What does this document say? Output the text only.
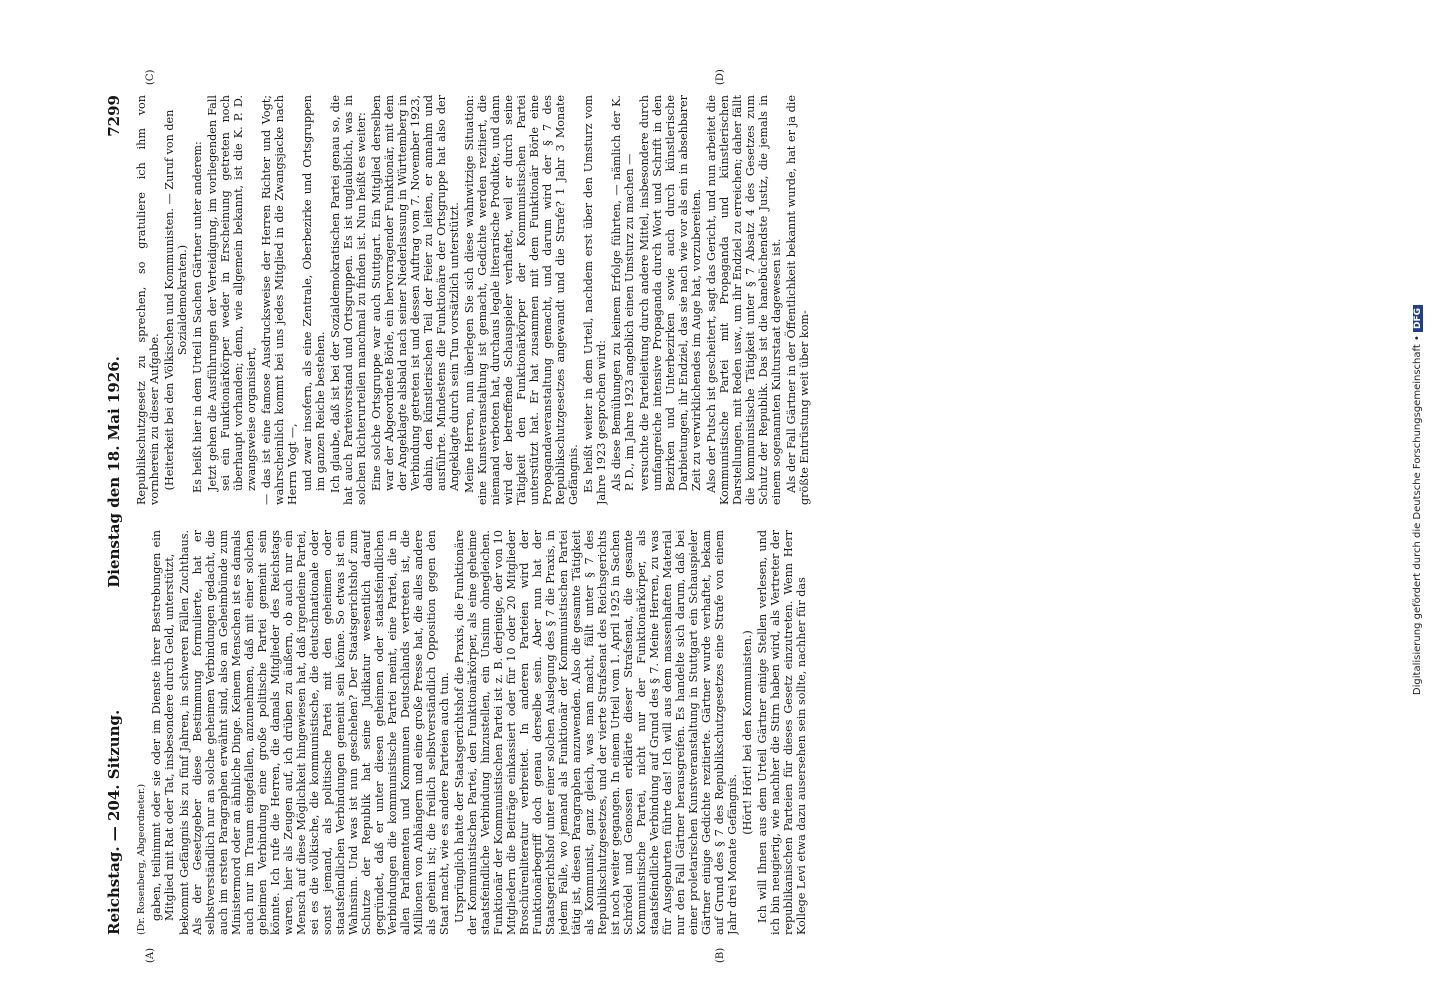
Reichstag. — 204. Sitzung.
Dienstag den 18. Mai 1926.                                          7299

(Dr. Rosenberg, Abgeordneter.) gaben, teilnimmt oder sie oder im Dienste ihrer Bestrebungen ein Mitglied mit Rat oder Tat, insbesondere durch Geld, unterstützt, bekommt Gefängnis bis zu fünf Jahren, in schweren Fällen Zuchthaus. Als der Gesetzgeber diese Bestimmung formulierte, hat er selbstverständlich nur an solche geheimen Verbindungen gedacht, die auch im ersten Paragraphen erwähnt sind, also an Geheimbünde zum Ministermord oder an ähnliche Dinge. Keinem Menschen ist es damals auch nur im Traum eingefallen, anzunehmen, daß mit einer solchen geheimen Verbindung eine große politische Partei gemeint sein könnte. Ich rufe die Herren, die damals Mitglieder des Reichstags waren, hier als Zeugen auf, ich drüben zu äußern, ob auch nur ein Mensch auf diese Möglichkeit hingewiesen hat, daß irgendeine Partei, sei es die völkische, die kommunistische, die deutschnationale oder sonst jemand, als politische Partei mit den geheimen oder staatsfeindlichen Verbindungen gemeint sein könne. So etwas ist ein Wahnsinn. Und was ist nun geschehen? Der Staatsgerichtshof zum Schutze der Republik hat seine Judikatur wesentlich darauf gegründet, daß er unter diesen geheimen oder staatsfeindlichen Verbindungen die kommunistische Partei meint, eine Partei, die in allen Parlamenten und Kommunen Deutschlands vertreten ist, die Millionen von Anhängern und eine große Presse hat, die alles andere als geheim ist; die freilich selbstverständlich Opposition gegen den Staat macht, wie es andere Parteien auch tun. Ursprünglich hatte der Staatsgerichtshof die Praxis, die Funktionäre der Kommunistischen Partei, den Funktionärkörper, als eine geheime staatsfeindliche Verbindung hinzustellen, ein Unsinn ohnegleichen. Funktionär der Kommunistischen Partei ist z. B. derjenige, der von 10 Mitgliedern die Beiträge einkassiert oder für 10 oder 20 Mitglieder Broschürenliteratur verbreitet. In anderen Parteien wird der Funktionärbegriff doch genau derselbe sein. Aber nun hat der Staatsgerichtshof unter einer solchen Auslegung des § 7 die Praxis, in jedem Falle, wo jemand als Funktionär der Kommunistischen Partei tätig ist, diesen Paragraphen anzuwenden. Also die gesamte Tätigkeit als Kommunist, ganz gleich, was man macht, fällt unter § 7 des Republikschutzgesetzes, und der vierte Strafsenat des Reichsgerichts ist noch weiter gegangen. In einem Urteil vom 1. April 1925 in Sachen Schrödel und Genossen erklärte dieser Strafsenat, die gesamte Kommunistische Partei, nicht nur der Funktionärkörper, als staatsfeindliche Verbindung auf Grund des § 7. Meine Herren, zu was für Ausgeburten führte das! Ich will aus dem massenhaften Material nur den Fall Gärtner herausgreifen. Es handelte sich darum, daß bei einer proletarischen Kunstveranstaltung in Stuttgart ein Schauspieler Gärtner einige Gedichte rezitierte. Gärtner wurde verhaftet, bekam auf Grund des § 7 des Republikschutzgesetzes eine Strafe von einem Jahr drei Monate Gefängnis.

(Hört! Hört! bei den Kommunisten.) Ich will Ihnen aus dem Urteil Gärtner einige Stellen verlesen, und ich bin neugierig, wie nachher die Stirn haben wird, als Vertreter der republikanischen Parteien für dieses Gesetz einzutreten. Wenn Herr Kollege Levi etwa dazu ausersehen sein sollte, nachher für das

Republikschutzgesetz zu sprechen, so gratuliere ich ihm von vornherein zu dieser Aufgabe. (Heiterkeit bei den Völkischen und Kommunisten. — Zuruf von den Sozialdemokraten.) Es heißt hier in dem Urteil in Sachen Gärtner unter anderem: Jetzt gehen die Ausführungen der Verteidigung, im vorliegenden Fall sei ein Funktionärkörper weder in Erscheinung getreten noch überhaupt vorhanden; denn, wie allgemein bekannt, ist die K. P. D. zwangsweise organisiert, — das ist eine famose Ausdrucksweise der Herren Richter und Vogt; wahrscheinlich kommt bei uns jedes Mitglied in die Zwangsjacke nach Herrn Vogt —, und zwar insofern, als eine Zentrale, Oberbezirke und Ortsgruppen im ganzen Reiche bestehen. Ich glaube, daß ist bei der Sozialdemokratischen Partei genau so, die hat auch Parteivorstand und Ortsgruppen. Es ist unglaublich, was in solchen Richterurteilen manchmal zu finden ist. Nun heißt es weiter: Eine solche Ortsgruppe war auch Stuttgart. Ein Mitglied derselben war der Abgeordnete Börle, ein hervorragender Funktionär, mit dem der Angeklagte alsbald nach seiner Niederlassung in Württemberg in Verbindung getreten ist und dessen Auftrag vom 7. November 1923, dahin, den künstlerischen Teil der Feier zu leiten, er annahm und ausführte. Mindestens die Funktionäre der Ortsgruppe hat also der Angeklagte durch sein Tun vorsätzlich unterstützt. Meine Herren, nun überlegen Sie sich diese wahnwitzige Situation: eine Kunstveranstaltung ist gemacht, Gedichte werden rezitiert, die niemand verboten hat, durchaus legale literarische Produkte, und dann wird der betreffende Schauspieler verhaftet, weil er durch seine Tätigkeit den Funktionärkörper der Kommunistischen Partei unterstützt hat. Er hat zusammen mit dem Funktionär Börle eine Propagandaveranstaltung gemacht, und darum wird der § 7 des Republikschutzgesetzes angewandt und die Strafe? 1 Jahr 3 Monate Gefängnis. Es heißt weiter in dem Urteil, nachdem erst über den Umsturz vom Jahre 1923 gesprochen wird: Als diese Bemühungen zu keinem Erfolge führten, — nämlich der K. P. D., im Jahre 1923 angeblich einen Umsturz zu machen — versuchte die Parteileitung durch andere Mittel, insbesondere durch umfangreiche intensive Propaganda durch Wort und Schrift in den Bezirken und Unterbezirken sowie auch durch künstlerische Darbietungen, ihr Endziel, das sie nach wie vor als ein in absehbarer Zeit zu verwirklichendes im Auge hat, vorzubereiten. Also der Putsch ist gescheitert, sagt das Gericht, und nun arbeitet die Kommunistische Partei mit Propaganda und künstlerischen Darstellungen, mit Reden usw., um ihr Endziel zu erreichen; daher fällt die kommunistische Tätigkeit unter § 7 Absatz 4 des Gesetzes zum Schutz der Republik. Das ist die hanebüchendste Justiz, die jemals in einem sogenannten Kulturstaat dagewesen ist. Als der Fall Gärtner in der Öffentlichkeit bekannt wurde, hat er ja die größte Entrüstung weit über kom-

(A)	(B)
(C)	(D)
Digitalisierung gefördert durch die Deutsche Forschungsgemeinschaft • DFG
